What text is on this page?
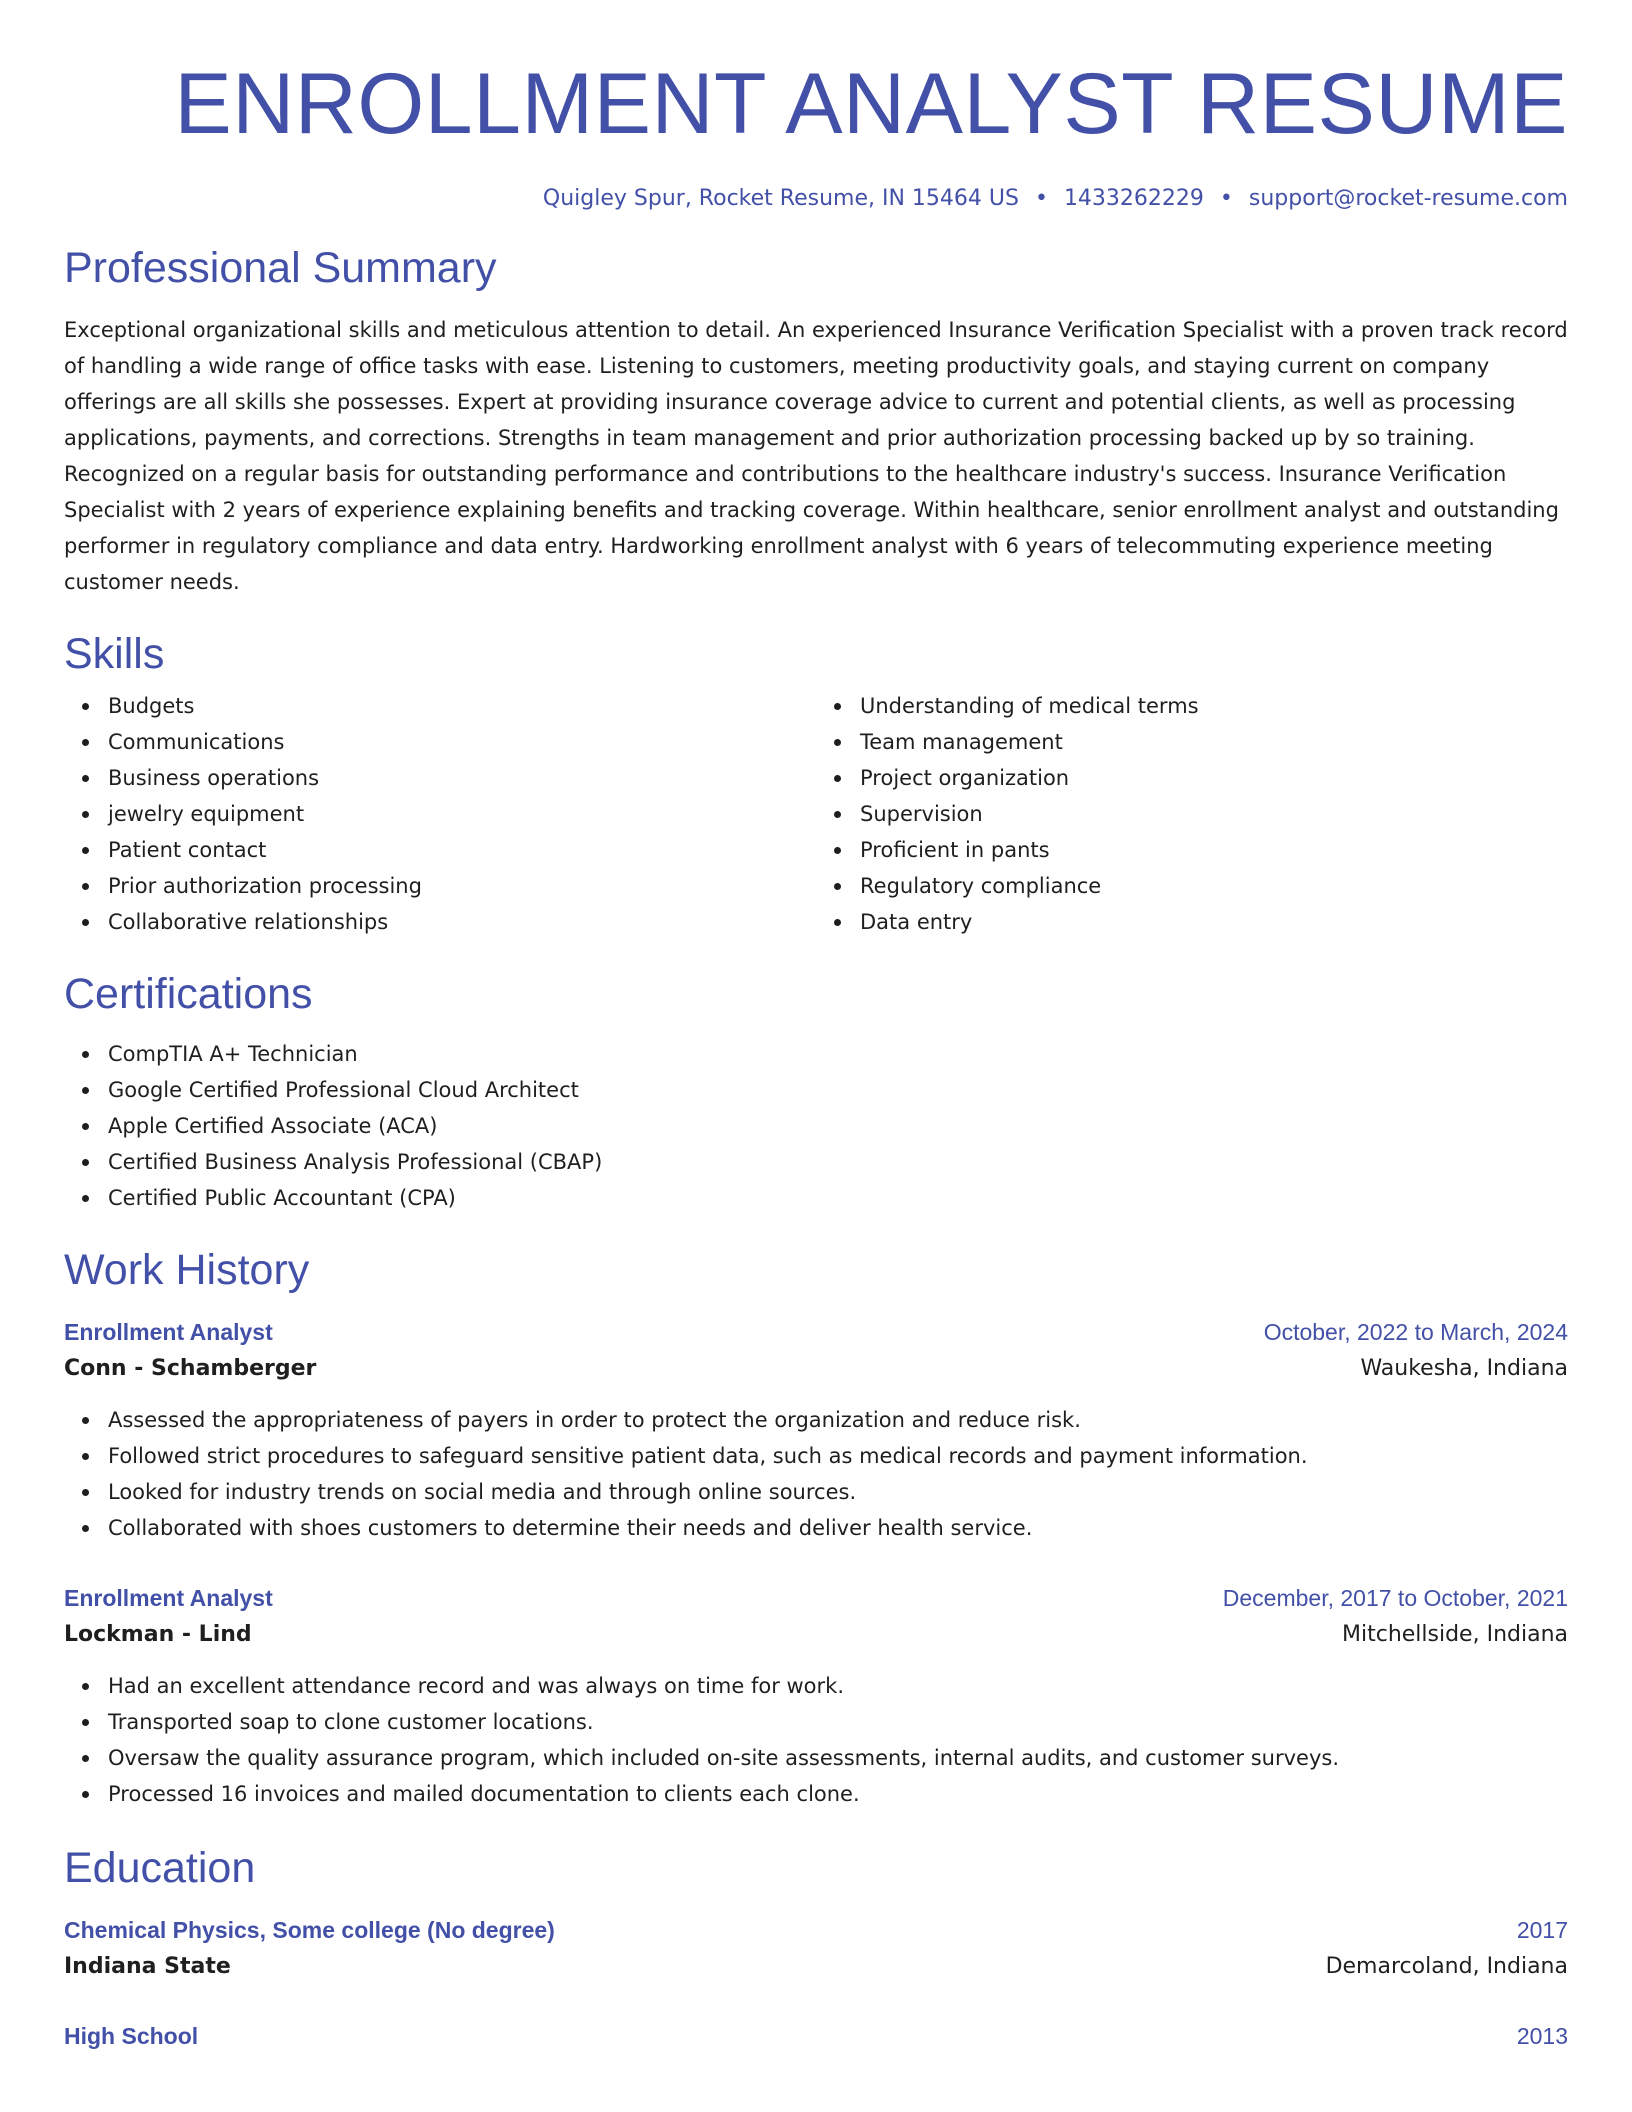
ENROLLMENT ANALYST RESUME
Quigley Spur, Rocket Resume, IN 15464 US • 1433262229 • support@rocket-resume.com
Professional Summary

Exceptional organizational skills and meticulous attention to detail. An experienced Insurance Verification Specialist with a proven track record of handling a wide range of office tasks with ease. Listening to customers, meeting productivity goals, and staying current on company offerings are all skills she possesses. Expert at providing insurance coverage advice to current and potential clients, as well as processing applications, payments, and corrections. Strengths in team management and prior authorization processing backed up by so training. Recognized on a regular basis for outstanding performance and contributions to the healthcare industry's success. Insurance Verification Specialist with 2 years of experience explaining benefits and tracking coverage. Within healthcare, senior enrollment analyst and outstanding performer in regulatory compliance and data entry. Hardworking enrollment analyst with 6 years of telecommuting experience meeting customer needs.

Skills
Budgets
Communications
Business operations
jewelry equipment
Patient contact
Prior authorization processing
Collaborative relationships
Understanding of medical terms
Team management
Project organization
Supervision
Proficient in pants
Regulatory compliance
Data entry
Certifications
CompTIA A+ Technician
Google Certified Professional Cloud Architect
Apple Certified Associate (ACA)
Certified Business Analysis Professional (CBAP)
Certified Public Accountant (CPA)
Work History
Enrollment Analyst	October, 2022 to March, 2024
Conn - Schamberger	Waukesha, Indiana
Assessed the appropriateness of payers in order to protect the organization and reduce risk.
Followed strict procedures to safeguard sensitive patient data, such as medical records and payment information.
Looked for industry trends on social media and through online sources.
Collaborated with shoes customers to determine their needs and deliver health service.
Enrollment Analyst	December, 2017 to October, 2021
Lockman - Lind	Mitchellside, Indiana
Had an excellent attendance record and was always on time for work.
Transported soap to clone customer locations.
Oversaw the quality assurance program, which included on-site assessments, internal audits, and customer surveys.
Processed 16 invoices and mailed documentation to clients each clone.
Education
Chemical Physics, Some college (No degree)	2017
Indiana State	Demarcoland, Indiana
High School	2013
